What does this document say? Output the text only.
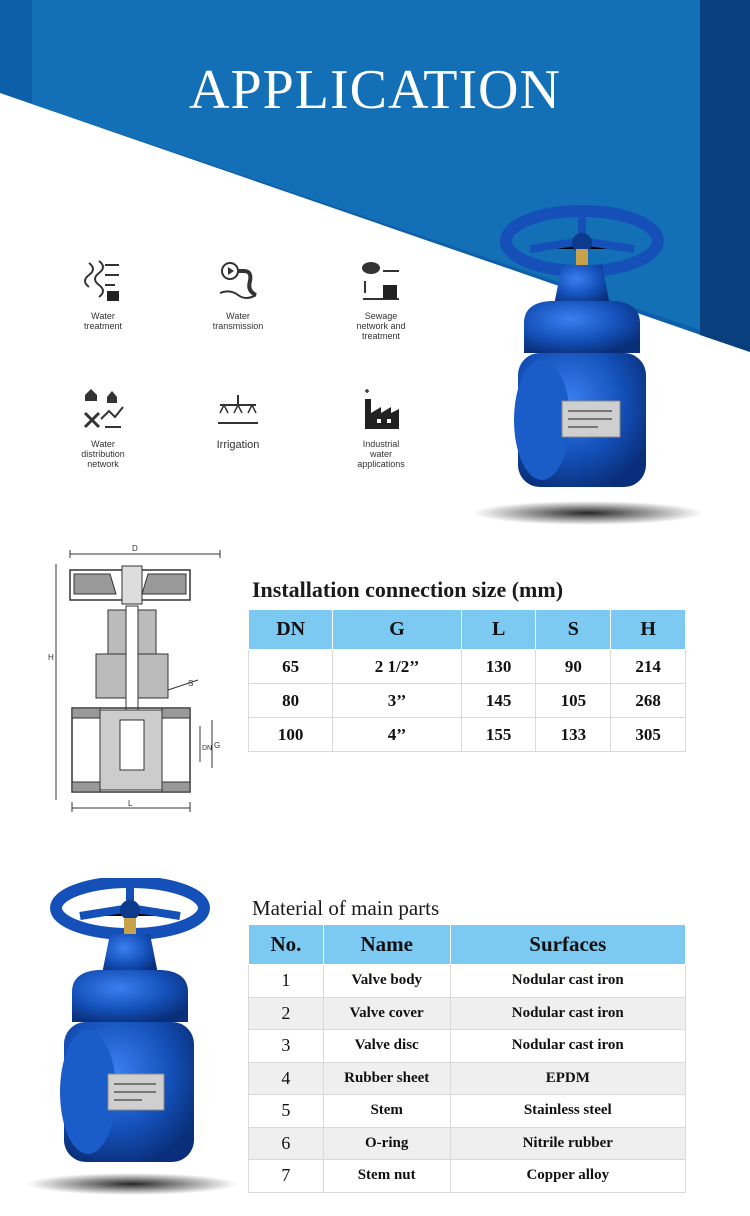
APPLICATION
Water
treatment
Water
transmission
Sewage
network and
treatment
Water
distribution
network
Irrigation	Industrial
water
applications
D
H
S
DN G
L
Installation connection size (mm)
DN	G	L	S	H
65	2 1/2’’	130	90	214
80	3’’	145	105	268
100	4’’	155	133	305
Material of main parts
No.	Name	Surfaces
1	Valve body	Nodular cast iron
2	Valve cover	Nodular cast iron
3	Valve disc	Nodular cast iron
4	Rubber sheet	EPDM
5	Stem	Stainless steel
6	O-ring	Nitrile rubber
7	Stem nut	Copper alloy
